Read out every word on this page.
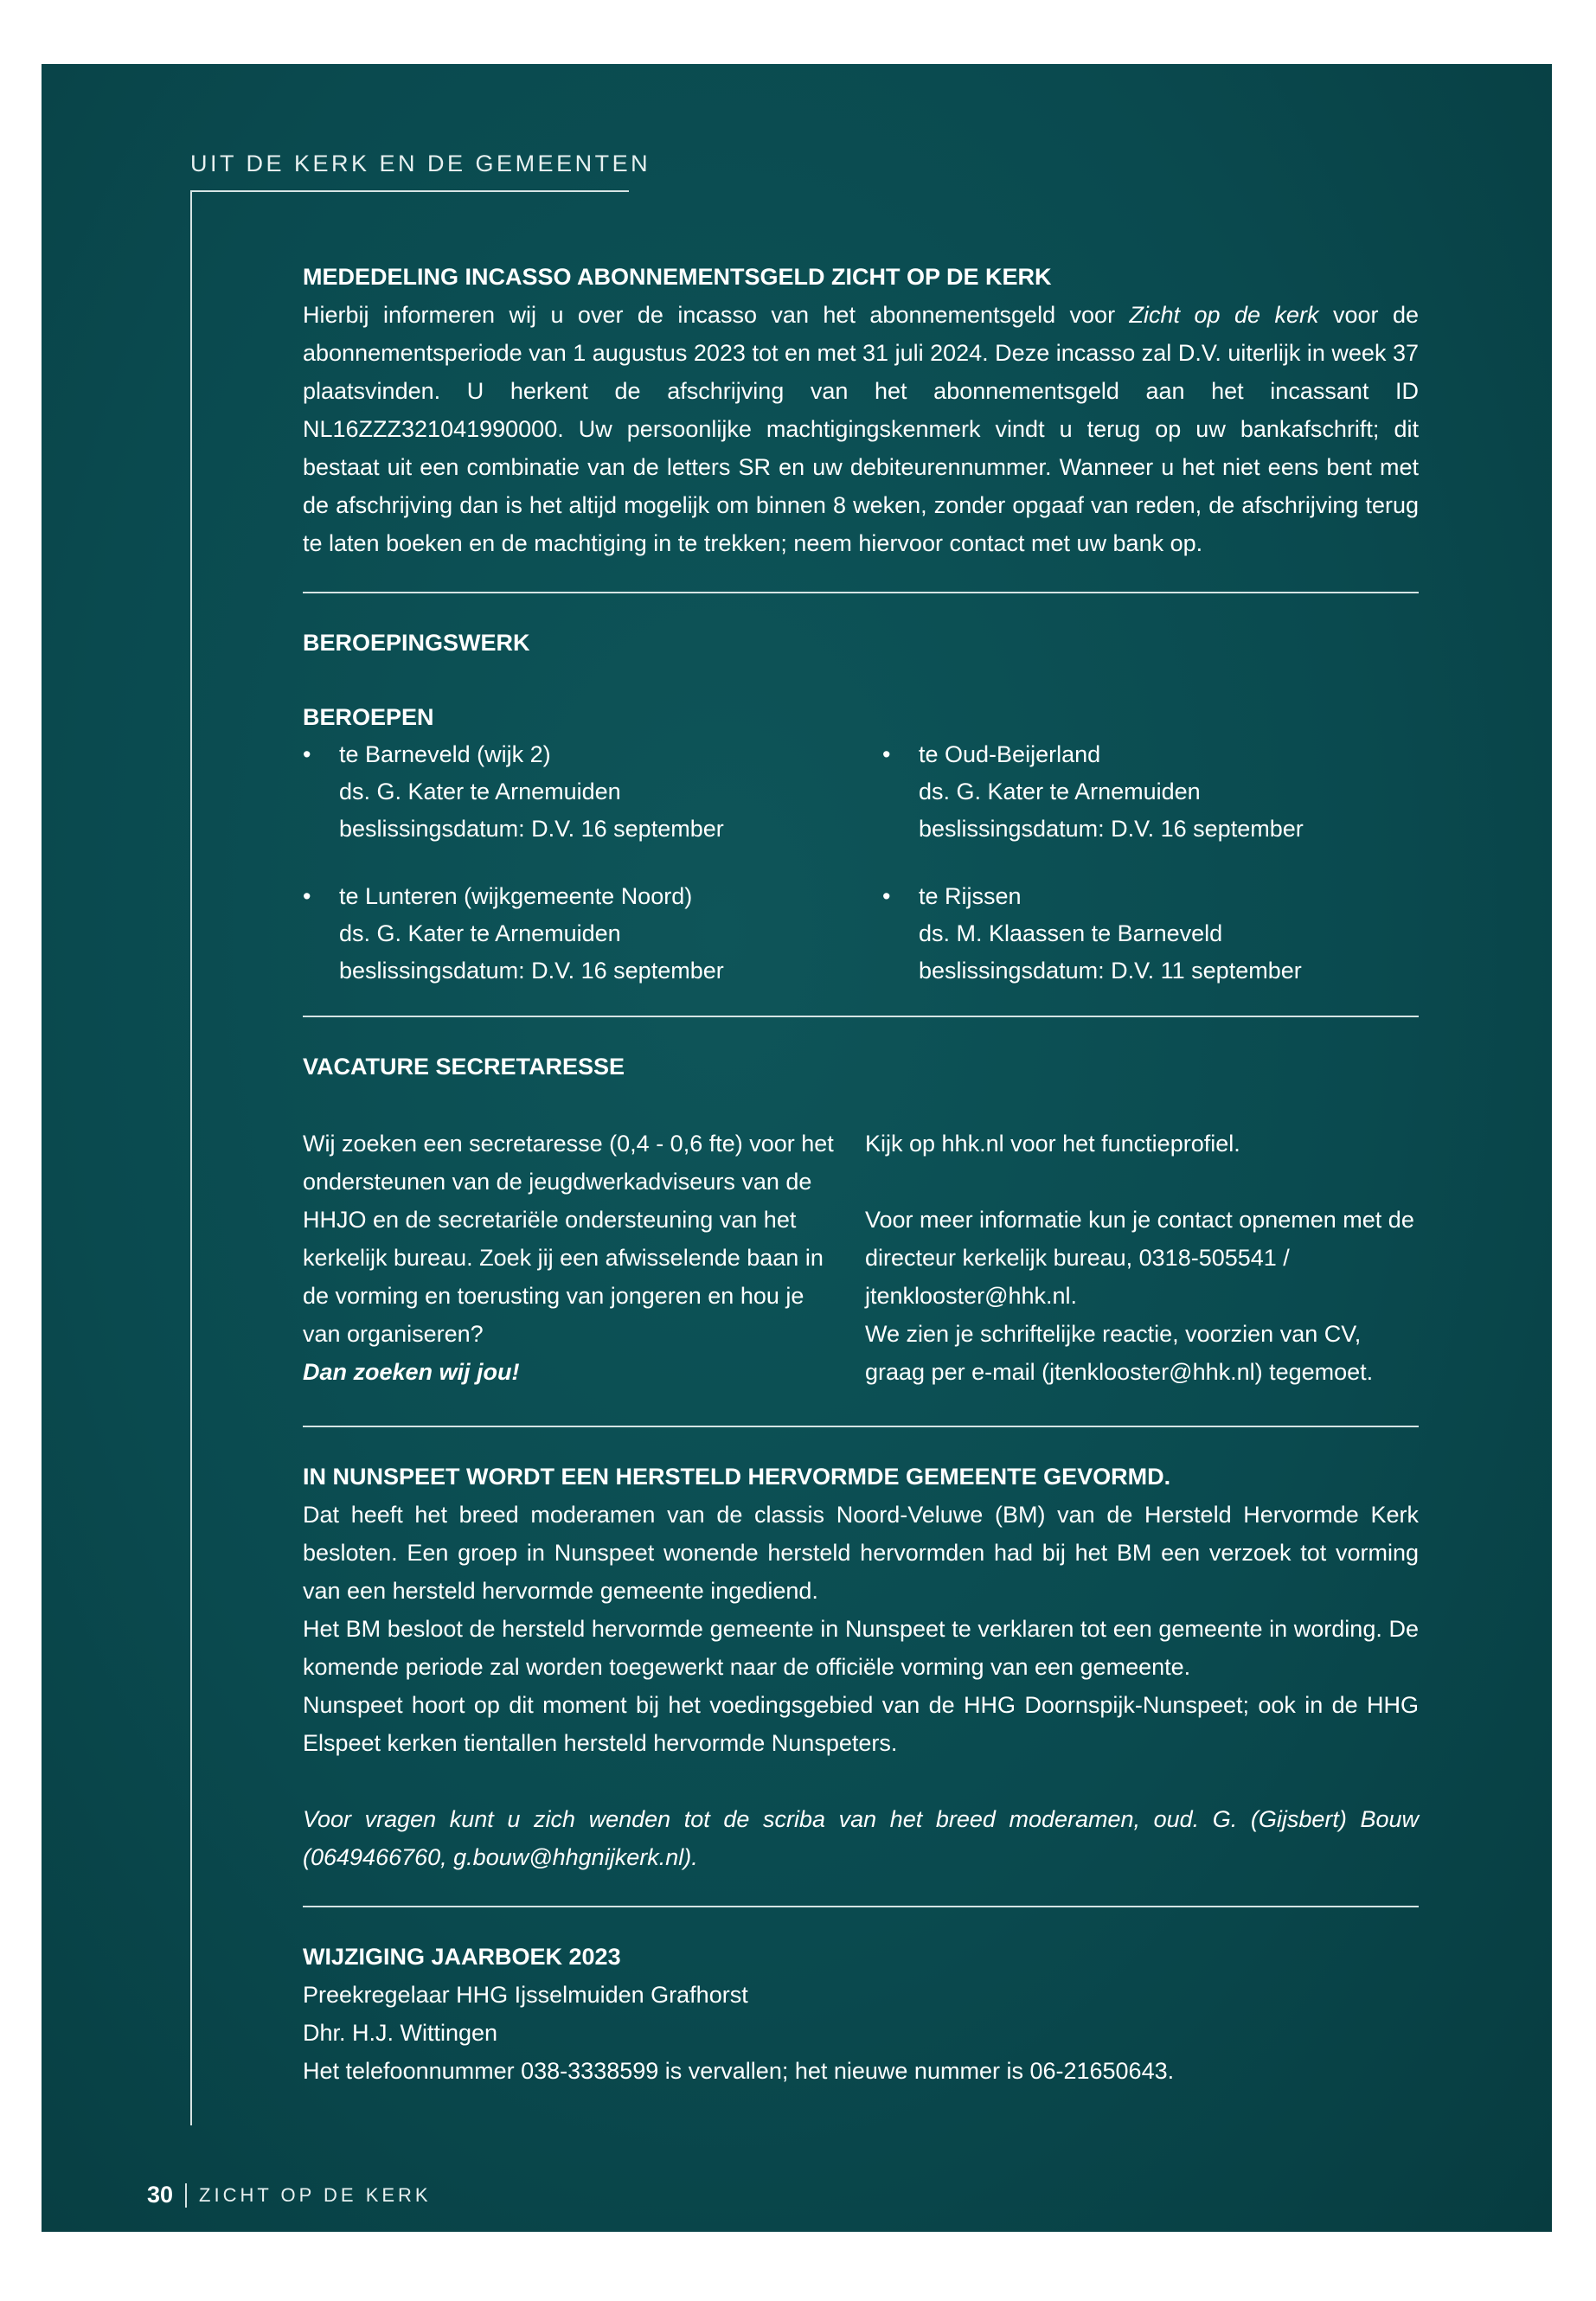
UIT DE KERK EN DE GEMEENTEN
MEDEDELING INCASSO ABONNEMENTSGELD ZICHT OP DE KERK

Hierbij informeren wij u over de incasso van het abonnementsgeld voor Zicht op de kerk voor de abonnementsperiode van 1 augustus 2023 tot en met 31 juli 2024. Deze incasso zal D.V. uiterlijk in week 37 plaatsvinden. U herkent de afschrijving van het abonnementsgeld aan het incassant ID NL16ZZZ321041990000. Uw persoonlijke machtigingskenmerk vindt u terug op uw bankafschrift; dit bestaat uit een combinatie van de letters SR en uw debiteurennummer. Wanneer u het niet eens bent met de afschrijving dan is het altijd mogelijk om binnen 8 weken, zonder opgaaf van reden, de afschrijving terug te laten boeken en de machtiging in te trekken; neem hiervoor contact met uw bank op.

BEROEPINGSWERK
BEROEPEN
• te Barneveld (wijk 2)
ds. G. Kater te Arnemuiden
beslissingsdatum: D.V. 16 september
• te Lunteren (wijkgemeente Noord)
ds. G. Kater te Arnemuiden
beslissingsdatum: D.V. 16 september
• te Oud-Beijerland
ds. G. Kater te Arnemuiden
beslissingsdatum: D.V. 16 september
• te Rijssen
ds. M. Klaassen te Barneveld
beslissingsdatum: D.V. 11 september
VACATURE SECRETARESSE

Wij zoeken een secretaresse (0,4 - 0,6 fte) voor het ondersteunen van de jeugdwerkadviseurs van de HHJO en de secretariële ondersteuning van het kerkelijk bureau. Zoek jij een afwisselende baan in de vorming en toerusting van jongeren en hou je van organiseren?

Dan zoeken wij jou!

Kijk op hhk.nl voor het functieprofiel.

Voor meer informatie kun je contact opnemen met de directeur kerkelijk bureau, 0318-505541 / jtenklooster@hhk.nl.

We zien je schriftelijke reactie, voorzien van CV, graag per e-mail (jtenklooster@hhk.nl) tegemoet.

IN NUNSPEET WORDT EEN HERSTELD HERVORMDE GEMEENTE GEVORMD.

Dat heeft het breed moderamen van de classis Noord-Veluwe (BM) van de Hersteld Hervormde Kerk besloten. Een groep in Nunspeet wonende hersteld hervormden had bij het BM een verzoek tot vorming van een hersteld hervormde gemeente ingediend.

Het BM besloot de hersteld hervormde gemeente in Nunspeet te verklaren tot een gemeente in wording. De komende periode zal worden toegewerkt naar de officiële vorming van een gemeente.

Nunspeet hoort op dit moment bij het voedingsgebied van de HHG Doornspijk-Nunspeet; ook in de HHG Elspeet kerken tientallen hersteld hervormde Nunspeters.

Voor vragen kunt u zich wenden tot de scriba van het breed moderamen, oud. G. (Gijsbert) Bouw (0649466760, g.bouw@hhgnijkerk.nl).

WIJZIGING JAARBOEK 2023

Preekregelaar HHG Ijsselmuiden Grafhorst

Dhr. H.J. Wittingen

Het telefoonnummer 038-3338599 is vervallen; het nieuwe nummer is 06-21650643.

30 ZICHT OP DE KERK
